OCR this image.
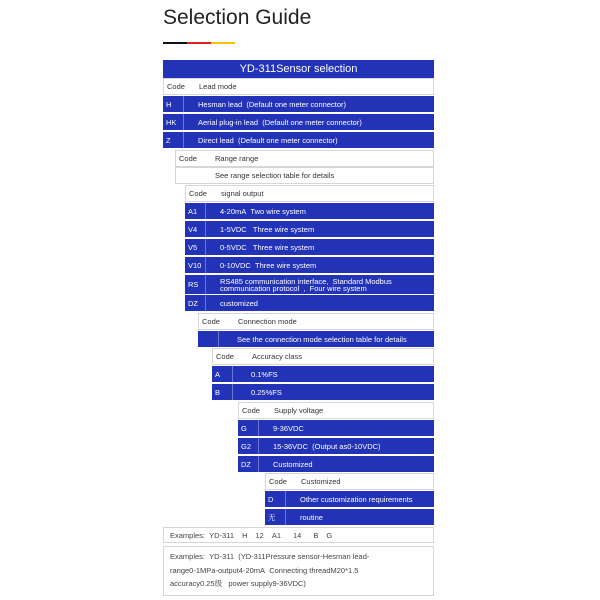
Selection Guide
YD-311Sensor selection
Code	Lead mode
H	Hesman lead  (Default one meter connector)
HK	Aerial plug-in lead  (Default one meter connector)
Z	Direct lead  (Default one meter connector)
Code	Range range
See range selection table for details
Code	signal output
A1	4-20mA  Two wire system
V4	1-5VDC   Three wire system
V5	0-5VDC   Three wire system
V10	0-10VDC  Three wire system
RS	RS485 communication interface,  Standard Modbus
communication protocol  ,  Four wire system
DZ	customized
Code	Connection mode
See the connection mode selection table for details
Code	Accuracy class
A	0.1%FS
B	0.25%FS
Code	Supply voltage
G	9-36VDC
G2	15-36VDC  (Output as0-10VDC)
DZ	Customized
Code	Customized
D	Other customization requirements
无	routine
Examples:  YD-311 H 12 A1 14 B G
Examples:  YD-311  (YD-311Pressure sensor-Hesman lead-
range0-1MPa-output4-20mA  Connecting threadM20*1.5
accuracy0.25级   power supply9-36VDC)
